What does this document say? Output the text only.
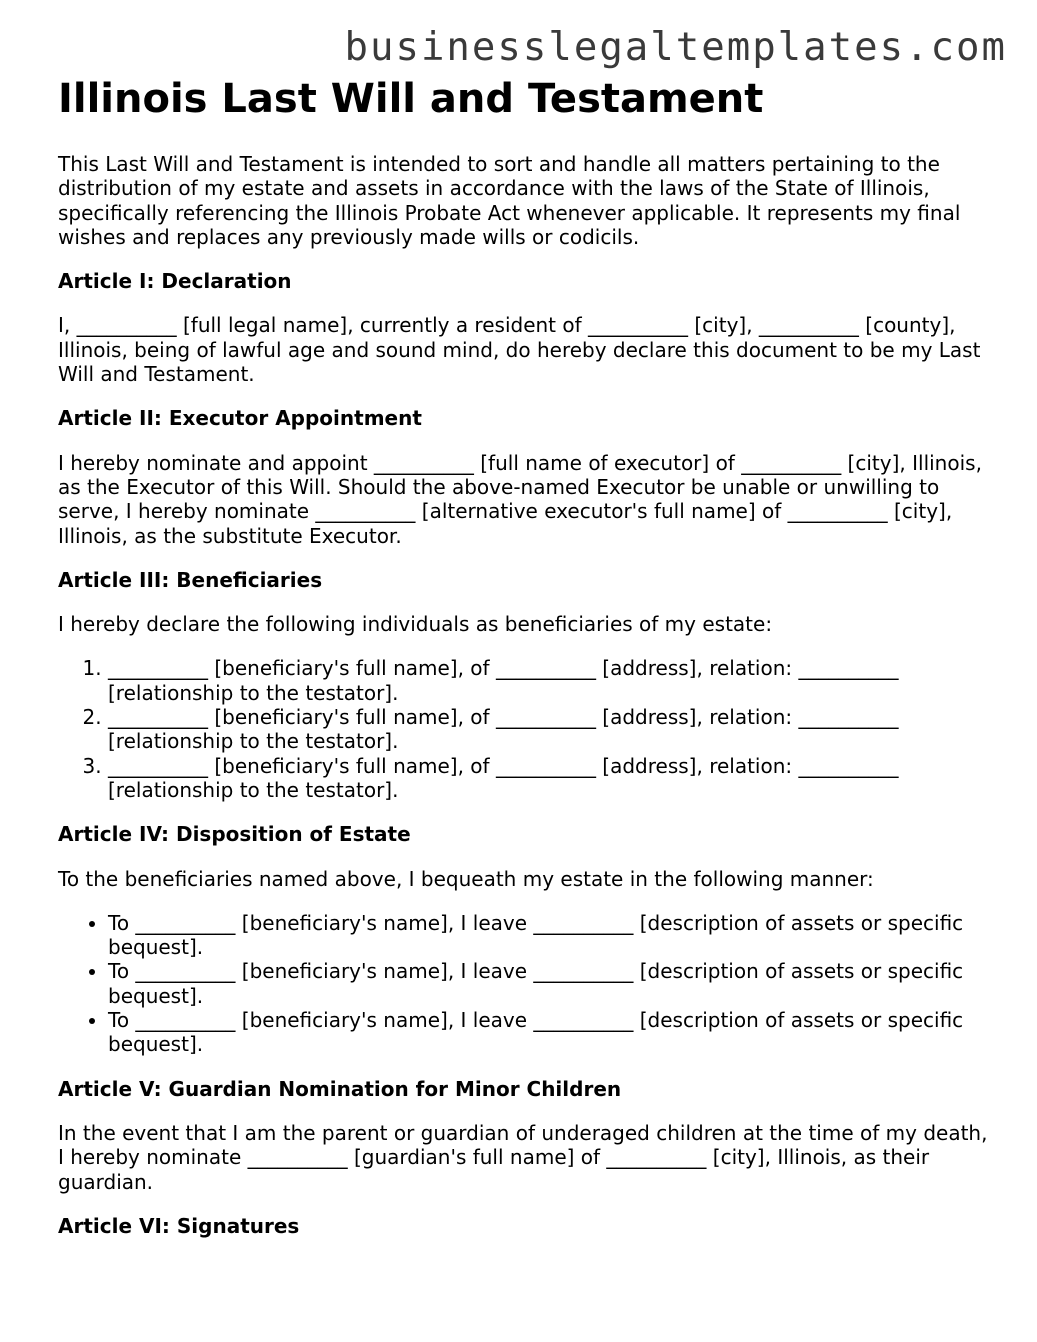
businesslegaltemplates.com
Illinois Last Will and Testament

This Last Will and Testament is intended to sort and handle all matters pertaining to the distribution of my estate and assets in accordance with the laws of the State of Illinois, specifically referencing the Illinois Probate Act whenever applicable. It represents my final wishes and replaces any previously made wills or codicils.

Article I: Declaration

I, __________ [full legal name], currently a resident of __________ [city], __________ [county], Illinois, being of lawful age and sound mind, do hereby declare this document to be my Last Will and Testament.

Article II: Executor Appointment

I hereby nominate and appoint __________ [full name of executor] of __________ [city], Illinois, as the Executor of this Will. Should the above-named Executor be unable or unwilling to serve, I hereby nominate __________ [alternative executor's full name] of __________ [city], Illinois, as the substitute Executor.

Article III: Beneficiaries

I hereby declare the following individuals as beneficiaries of my estate:

1. __________ [beneficiary's full name], of __________ [address], relation: __________ [relationship to the testator].
2. __________ [beneficiary's full name], of __________ [address], relation: __________ [relationship to the testator].
3. __________ [beneficiary's full name], of __________ [address], relation: __________ [relationship to the testator].
Article IV: Disposition of Estate

To the beneficiaries named above, I bequeath my estate in the following manner:

• To __________ [beneficiary's name], I leave __________ [description of assets or specific bequest].
• To __________ [beneficiary's name], I leave __________ [description of assets or specific bequest].
• To __________ [beneficiary's name], I leave __________ [description of assets or specific bequest].
Article V: Guardian Nomination for Minor Children

In the event that I am the parent or guardian of underaged children at the time of my death, I hereby nominate __________ [guardian's full name] of __________ [city], Illinois, as their guardian.

Article VI: Signatures
